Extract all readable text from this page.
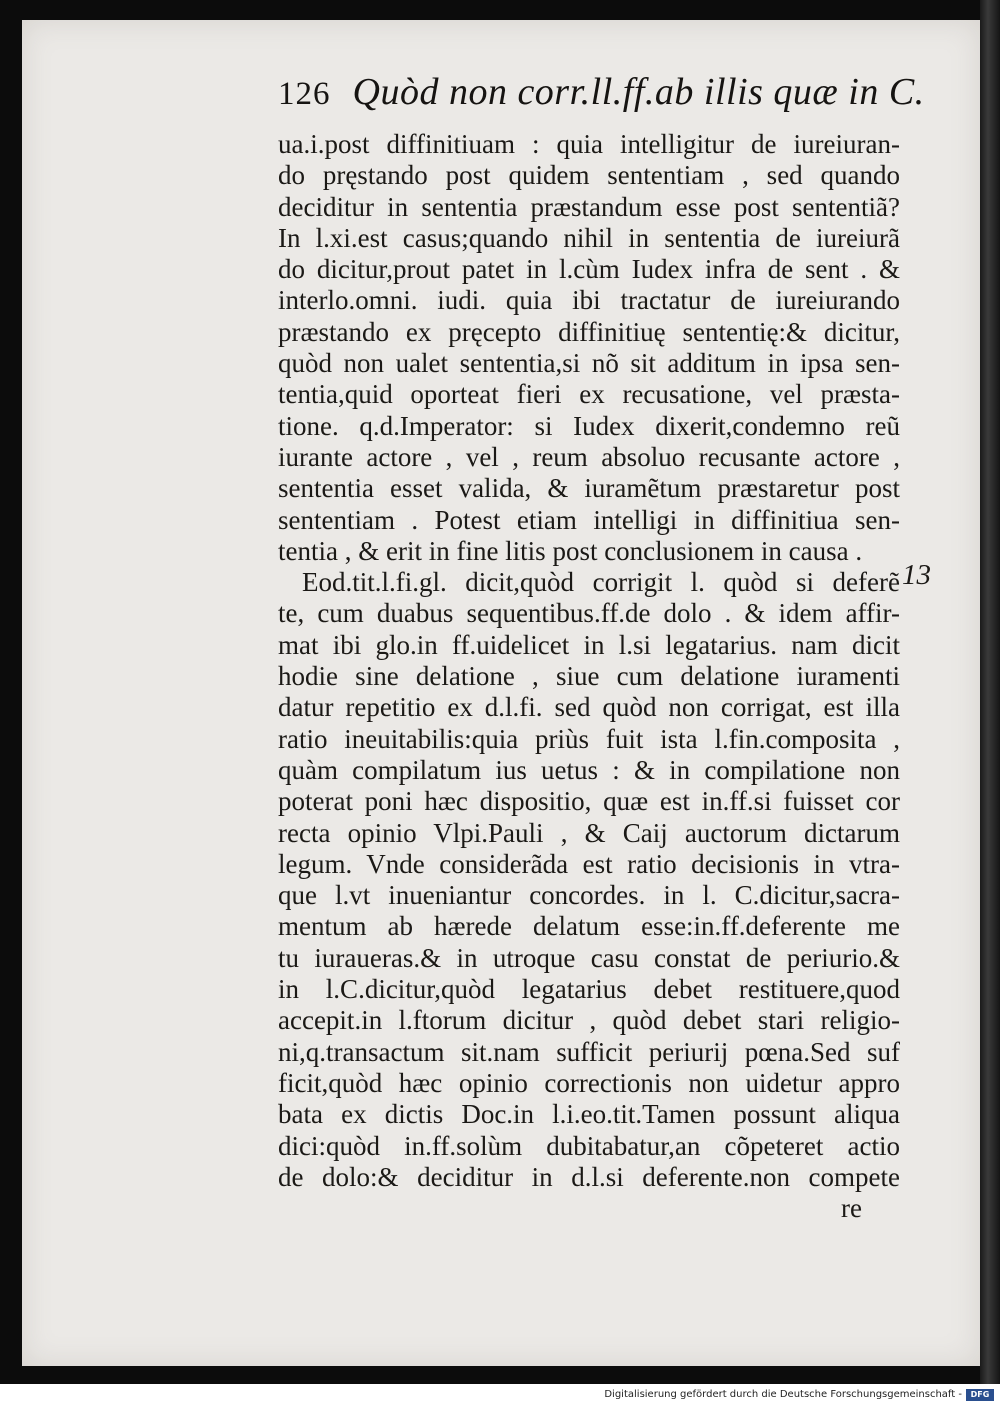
126 Quòd non corr.ll.ff.ab illis quæ in C.
ua.i.post diffinitiuam : quia intelligitur de iureiuran-
do pręstando post quidem sententiam , sed quando
deciditur in sententia præstandum esse post sententiã?
In l.xi.est casus;quando nihil in sententia de iureiurã
do dicitur,prout patet in l.cùm Iudex infra de sent . &
interlo.omni. iudi. quia ibi tractatur de iureiurando
præstando ex pręcepto diffinitiuę sententię:& dicitur,
quòd non ualet sententia,si nõ sit additum in ipsa sen-
tentia,quid oporteat fieri ex recusatione, vel præsta-
tione. q.d.Imperator: si Iudex dixerit,condemno reũ
iurante actore , vel , reum absoluo recusante actore ,
sententia esset valida, & iuramẽtum præstaretur post
sententiam . Potest etiam intelligi in diffinitiua sen-
tentia , & erit in fine litis post conclusionem in causa .
Eod.tit.l.fi.gl. dicit,quòd corrigit l. quòd si deferẽ
te, cum duabus sequentibus.ff.de dolo . & idem affir-
mat ibi glo.in ff.uidelicet in l.si legatarius. nam dicit
hodie sine delatione , siue cum delatione iuramenti
datur repetitio ex d.l.fi. sed quòd non corrigat, est illa
ratio ineuitabilis:quia priùs fuit ista l.fin.composita ,
quàm compilatum ius uetus : & in compilatione non
poterat poni hæc dispositio, quæ est in.ff.si fuisset cor
recta opinio Vlpi.Pauli , & Caij auctorum dictarum
legum. Vnde considerãda est ratio decisionis in vtra-
que l.vt inueniantur concordes. in l. C.dicitur,sacra-
mentum ab hærede delatum esse:in.ff.deferente me
tu iuraueras.& in utroque casu constat de periurio.&
in l.C.dicitur,quòd legatarius debet restituere,quod
accepit.in l.ftorum dicitur , quòd debet stari religio-
ni,q.transactum sit.nam sufficit periurij pœna.Sed suf
ficit,quòd hæc opinio correctionis non uidetur appro
bata ex dictis Doc.in l.i.eo.tit.Tamen possunt aliqua
dici:quòd in.ff.solùm dubitabatur,an cõpeteret actio
de dolo:& deciditur in d.l.si deferente.non compete
re
13
Digitalisierung gefördert durch die Deutsche Forschungsgemeinschaft -	DFG
